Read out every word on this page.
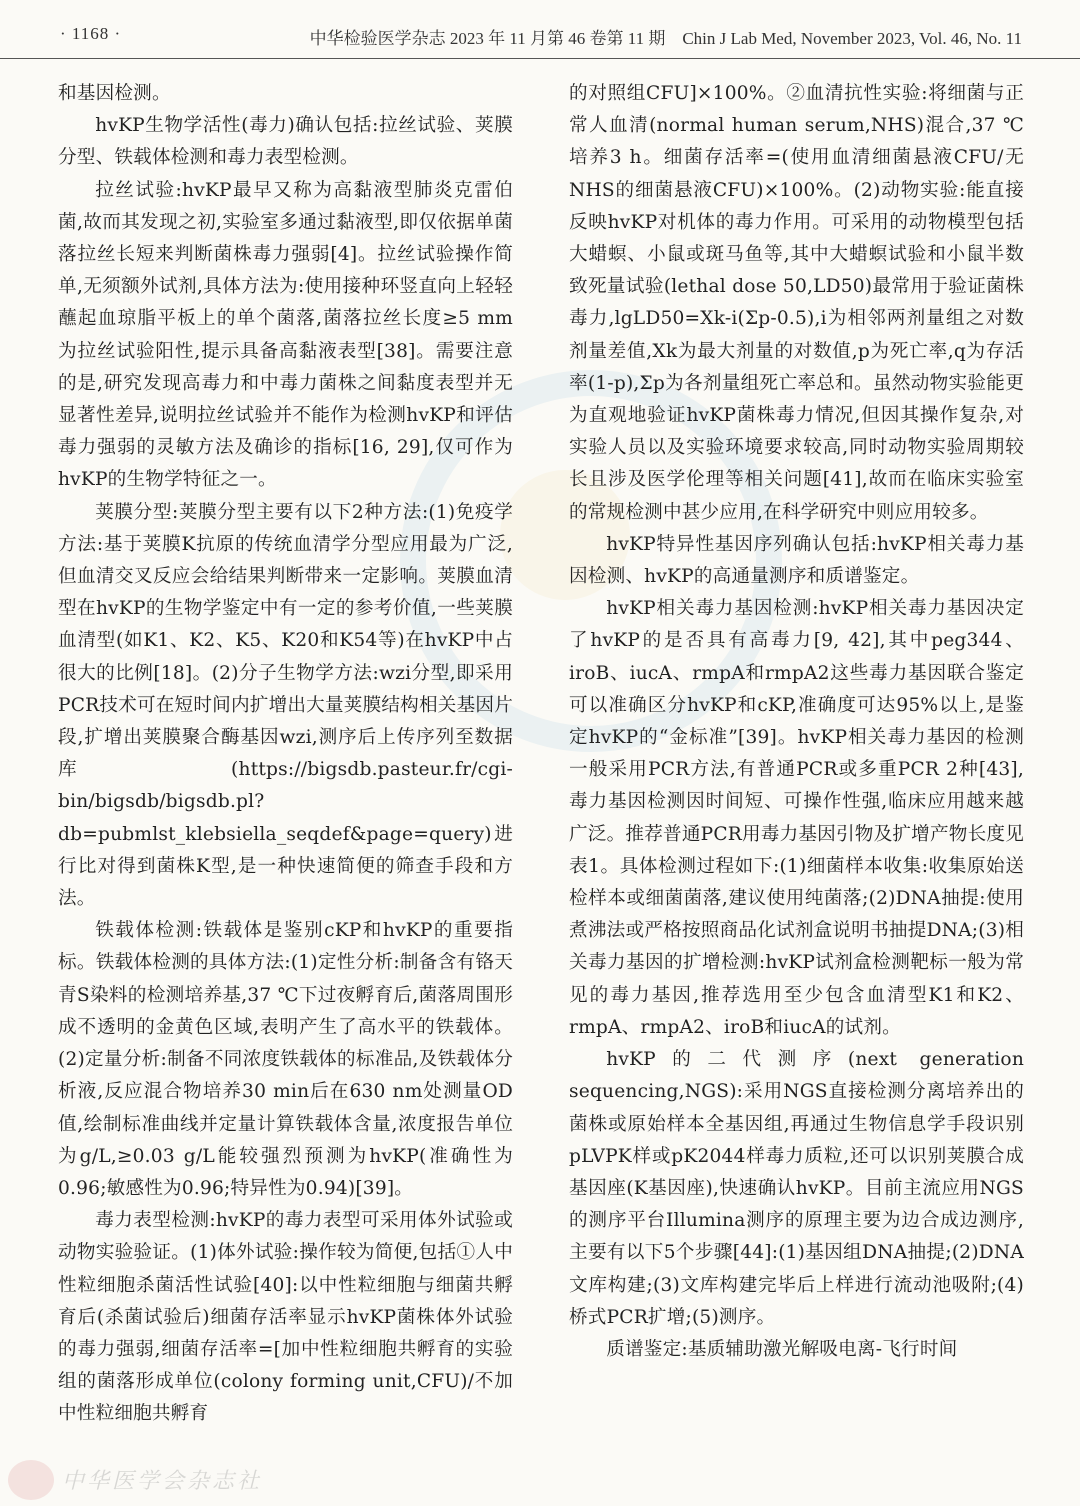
· 1168 ·	中华检验医学杂志 2023 年 11 月第 46 卷第 11 期　Chin J Lab Med, November 2023, Vol. 46, No. 11

和基因检测。

hvKP生物学活性(毒力)确认包括:拉丝试验、荚膜分型、铁载体检测和毒力表型检测。

拉丝试验:hvKP最早又称为高黏液型肺炎克雷伯菌,故而其发现之初,实验室多通过黏液型,即仅依据单菌落拉丝长短来判断菌株毒力强弱[4]。拉丝试验操作简单,无须额外试剂,具体方法为:使用接种环竖直向上轻轻蘸起血琼脂平板上的单个菌落,菌落拉丝长度≥5 mm 为拉丝试验阳性,提示具备高黏液表型[38]。需要注意的是,研究发现高毒力和中毒力菌株之间黏度表型并无显著性差异,说明拉丝试验并不能作为检测hvKP和评估毒力强弱的灵敏方法及确诊的指标[16, 29],仅可作为hvKP的生物学特征之一。

荚膜分型:荚膜分型主要有以下2种方法:(1)免疫学方法:基于荚膜K抗原的传统血清学分型应用最为广泛,但血清交叉反应会给结果判断带来一定影响。荚膜血清型在hvKP的生物学鉴定中有一定的参考价值,一些荚膜血清型(如K1、K2、K5、K20和K54等)在hvKP中占很大的比例[18]。(2)分子生物学方法:wzi分型,即采用PCR技术可在短时间内扩增出大量荚膜结构相关基因片段,扩增出荚膜聚合酶基因wzi,测序后上传序列至数据库(https://bigsdb.pasteur.fr/cgi-bin/bigsdb/bigsdb.pl?db=pubmlst_klebsiella_seqdef&page=query)进行比对得到菌株K型,是一种快速简便的筛查手段和方法。

铁载体检测:铁载体是鉴别cKP和hvKP的重要指标。铁载体检测的具体方法:(1)定性分析:制备含有铬天青S染料的检测培养基,37 ℃下过夜孵育后,菌落周围形成不透明的金黄色区域,表明产生了高水平的铁载体。(2)定量分析:制备不同浓度铁载体的标准品,及铁载体分析液,反应混合物培养30 min后在630 nm处测量OD值,绘制标准曲线并定量计算铁载体含量,浓度报告单位为g/L,≥0.03 g/L能较强烈预测为hvKP(准确性为0.96;敏感性为0.96;特异性为0.94)[39]。

毒力表型检测:hvKP的毒力表型可采用体外试验或动物实验验证。(1)体外试验:操作较为简便,包括①人中性粒细胞杀菌活性试验[40]:以中性粒细胞与细菌共孵育后(杀菌试验后)细菌存活率显示hvKP菌株体外试验的毒力强弱,细菌存活率=[加中性粒细胞共孵育的实验组的菌落形成单位(colony forming unit,CFU)/不加中性粒细胞共孵育

的对照组CFU]×100%。②血清抗性实验:将细菌与正常人血清(normal human serum,NHS)混合,37 ℃培养3 h。细菌存活率=(使用血清细菌悬液CFU/无NHS的细菌悬液CFU)×100%。(2)动物实验:能直接反映hvKP对机体的毒力作用。可采用的动物模型包括大蜡螟、小鼠或斑马鱼等,其中大蜡螟试验和小鼠半数致死量试验(lethal dose 50,LD50)最常用于验证菌株毒力,lgLD50=Xk-i(Σp-0.5),i为相邻两剂量组之对数剂量差值,Xk为最大剂量的对数值,p为死亡率,q为存活率(1-p),Σp为各剂量组死亡率总和。虽然动物实验能更为直观地验证hvKP菌株毒力情况,但因其操作复杂,对实验人员以及实验环境要求较高,同时动物实验周期较长且涉及医学伦理等相关问题[41],故而在临床实验室的常规检测中甚少应用,在科学研究中则应用较多。

hvKP特异性基因序列确认包括:hvKP相关毒力基因检测、hvKP的高通量测序和质谱鉴定。

hvKP相关毒力基因检测:hvKP相关毒力基因决定了hvKP的是否具有高毒力[9, 42],其中peg344、iroB、iucA、rmpA和rmpA2这些毒力基因联合鉴定可以准确区分hvKP和cKP,准确度可达95%以上,是鉴定hvKP的“金标准”[39]。hvKP相关毒力基因的检测一般采用PCR方法,有普通PCR或多重PCR 2种[43],毒力基因检测因时间短、可操作性强,临床应用越来越广泛。推荐普通PCR用毒力基因引物及扩增产物长度见表1。具体检测过程如下:(1)细菌样本收集:收集原始送检样本或细菌菌落,建议使用纯菌落;(2)DNA抽提:使用煮沸法或严格按照商品化试剂盒说明书抽提DNA;(3)相关毒力基因的扩增检测:hvKP试剂盒检测靶标一般为常见的毒力基因,推荐选用至少包含血清型K1和K2、rmpA、rmpA2、iroB和iucA的试剂。

hvKP的二代测序(next generation sequencing,NGS):采用NGS直接检测分离培养出的菌株或原始样本全基因组,再通过生物信息学手段识别pLVPK样或pK2044样毒力质粒,还可以识别荚膜合成基因座(K基因座),快速确认hvKP。目前主流应用NGS的测序平台Illumina测序的原理主要为边合成边测序,主要有以下5个步骤[44]:(1)基因组DNA抽提;(2)DNA文库构建;(3)文库构建完毕后上样进行流动池吸附;(4)桥式PCR扩增;(5)测序。

质谱鉴定:基质辅助激光解吸电离-飞行时间

中华医学会杂志社
